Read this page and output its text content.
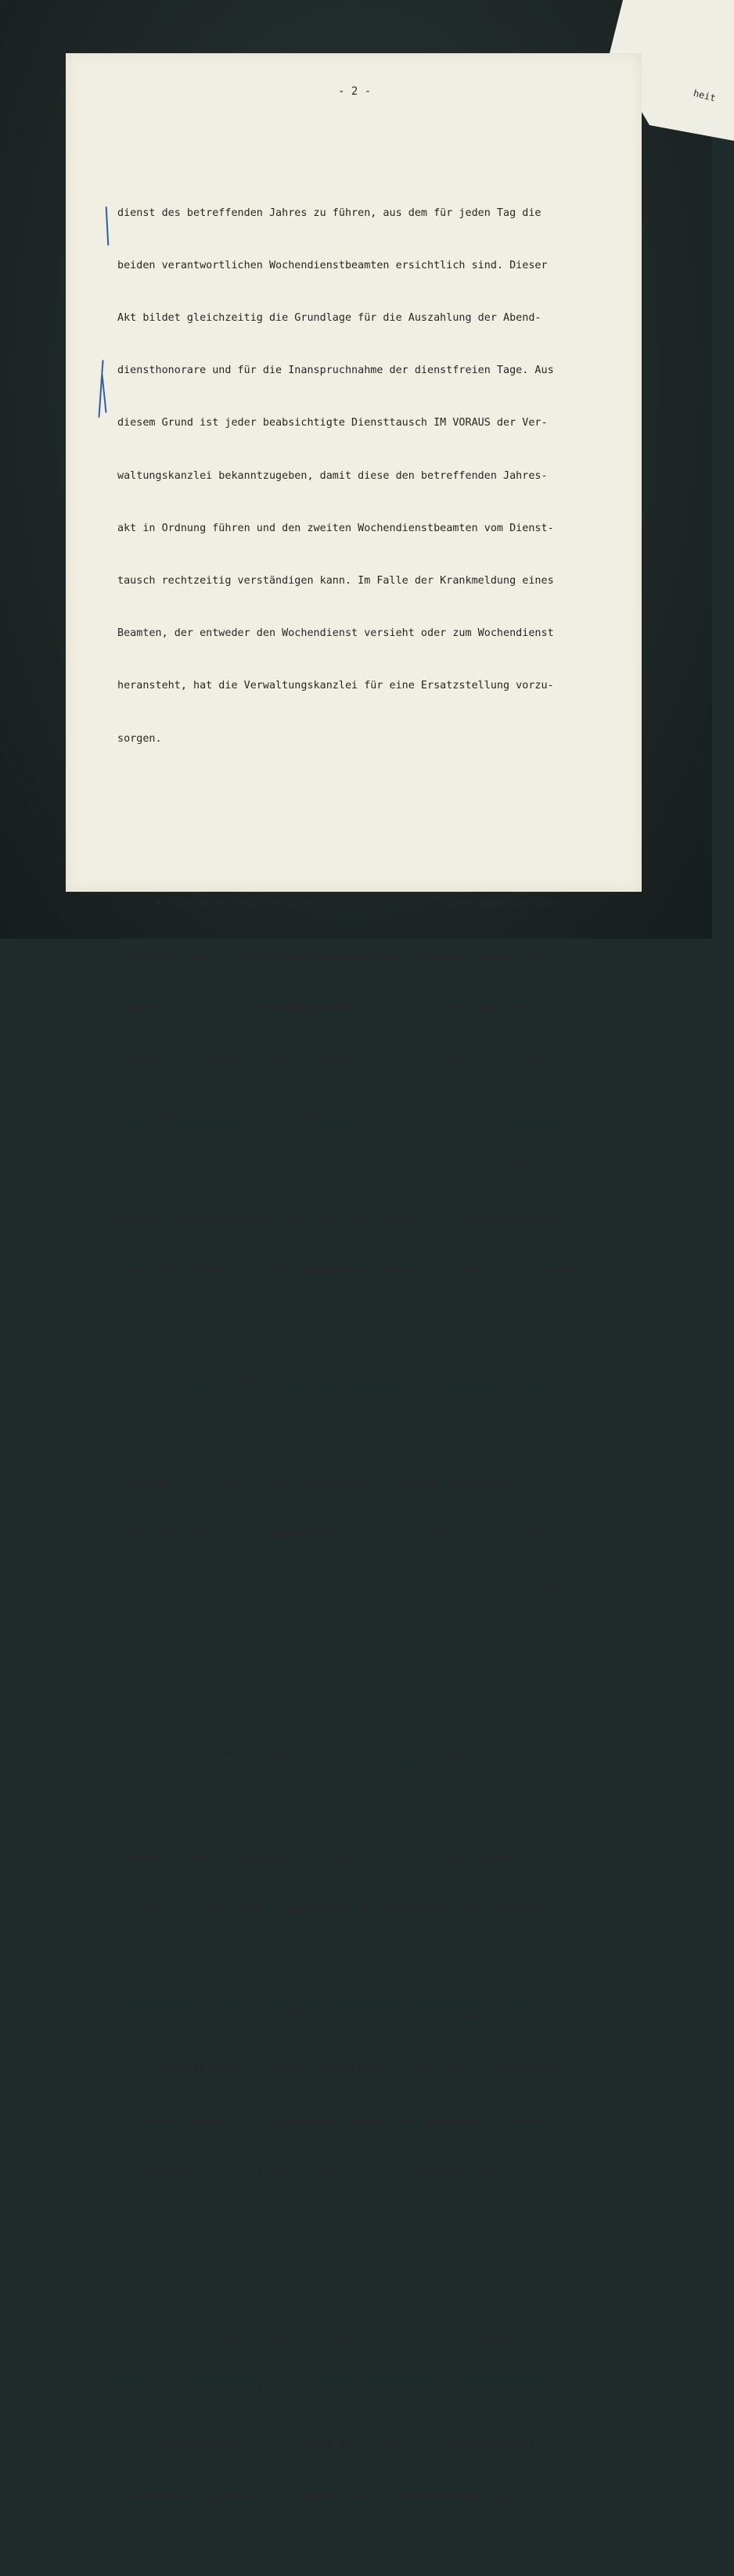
heit
- 2 -

dienst des betreffenden Jahres zu führen, aus dem für jeden Tag die

beiden verantwortlichen Wochendienstbeamten ersichtlich sind. Dieser

Akt bildet gleichzeitig die Grundlage für die Auszahlung der Abend-

diensthonorare und für die Inanspruchnahme der dienstfreien Tage. Aus

diesem Grund ist jeder beabsichtigte Diensttausch IM VORAUS der Ver-

waltungskanzlei bekanntzugeben, damit diese den betreffenden Jahres-

akt in Ordnung führen und den zweiten Wochendienstbeamten vom Dienst-

tausch rechtzeitig verständigen kann. Im Falle der Krankmeldung eines

Beamten, der entweder den Wochendienst versieht oder zum Wochendienst

heransteht, hat die Verwaltungskanzlei für eine Ersatzstellung vorzu-

sorgen.

6. Der diensthabende Beamte des wissenschaftlichen Dienstes über-

zeugt sich vom reibungslosen Ablauf des Dienstbetriebes in den Schau-

räumen täglich auf einem Rundgang durch alle geöffneten Sammlungen mit

Ausnahme der Wagenburg. Dieser Rundgang dient das eine Mal der Kontrol-

le, ob das Öffnen der Schauräume zeitgerecht erfolgt und bei der Kassa

sowie bei der Garderobe besonders an Regentagen der Betrieb klaglos ab-

gewickelt wird; das andere Mal, ob beim Ablösen der Aufseher zum Mittag-

essen die Sicherheit in den Schauräumen gewährleistet bleibt; ein anderes

Mal, ob gegen Ende der Besuchszeit die Besucher nicht vorzeitig zum Ver-

lassen der Säle gezwungen werden. Er veranlaßt durch den beigegebenen

Wochendienstbeamten der Verwaltungskanzlei an dunklen Tagen das Ein-

schalten des Lichtes in den Schauräumen und auf den Gängen oder im

Falle des Stromausfalles während der Abendöffnungszeit das Einschalten

der Notbeleuchtung und eine allenfalls notwendige Sperre der Sammlungen.

7. Auf den Rundgängen ist auch zu beachten, ob die Aufseher und die

Oberaufseher ihren Dienst im Sinne der für sie ergangenen Dienstan-

weisung versehen. Bei Gefahr im Verzug ist sofort einzugreifen, an-

sonsten sind beobachtete Mängel durch den Oberaufseher als unmittel-

baren Vorgesetzten der Aufseher abstellen zu lassen. Die Oberauf-

seher melden dem auf den Rundgang befindlichen diensthabenden Beamten

des wissenschaftlichen Dienstes unauffällig, daß in ihrem Dienstbereich

"Alles in Ordnung" ist. Die Aufseher melden und grüßen nicht, damit

sie dadurch nicht von ihrer Aufsichtsaufgabe abgelenkt werden.

8. An Samstagen, Sonn- und Feiertagen erhält der diensthabende

Beamte des wissenschaftlichen Dienstes vom beigegebenen Wochendienst

der Verwaltungskanzlei die Meldung über allenfalls nicht zum Dienst

erschienene Aufseher; er hat hierauf unter dem Gesichtspunkt der Sicher-
